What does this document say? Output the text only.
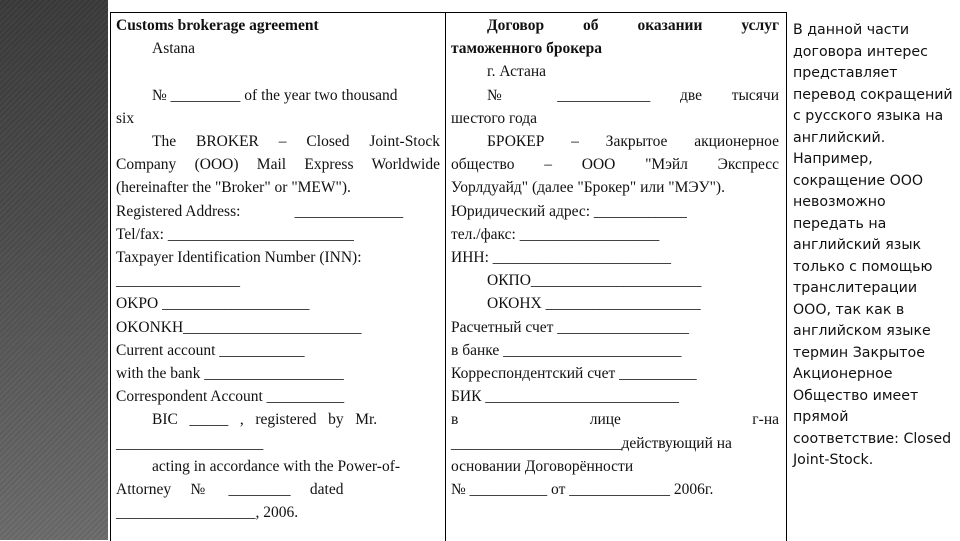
Customs brokerage agreement
Astana

№ _________ of the year two thousand
six
The BROKER – Closed Joint-Stock
Company (OOO) Mail Express Worldwide
(hereinafter the "Broker" or "MEW").
Registered Address:              ______________
Tel/fax: ________________________
Taxpayer Identification Number (INN):
________________
OKPO ___________________
OKONKH_______________________
Current account ___________
with the bank __________________
Correspondent Account __________
BIC   _____   ,   registered   by   Mr.
___________________
acting in accordance with the Power-of-
Attorney     №      ________     dated
__________________, 2006.
Договор об оказании услуг
таможенного брокера
г. Астана
№ ____________ две тысячи
шестого года
БРОКЕР – Закрытое акционерное
общество – ООО "Мэйл Экспресс
Уорлдуайд" (далее "Брокер" или "МЭУ").
Юридический адрес: ____________
тел./факс: __________________
ИНН: _______________________
ОКПО______________________
ОКОНХ ____________________
Расчетный счет _________________
в банке _______________________
Корреспондентский счет __________
БИК _________________________
в лице г-на
______________________действующий на
основании Договорённости
№ __________ от _____________ 2006г.
В данной части
договора интерес
представляет
перевод сокращений
с русского языка на
английский.
Например,
сокращение ООО
невозможно
передать на
английский язык
только с помощью
транслитерации
ООО, так как в
английском языке
термин Закрытое
Акционерное
Общество имеет
прямой
соответствие: Closed
Joint-Stock.
